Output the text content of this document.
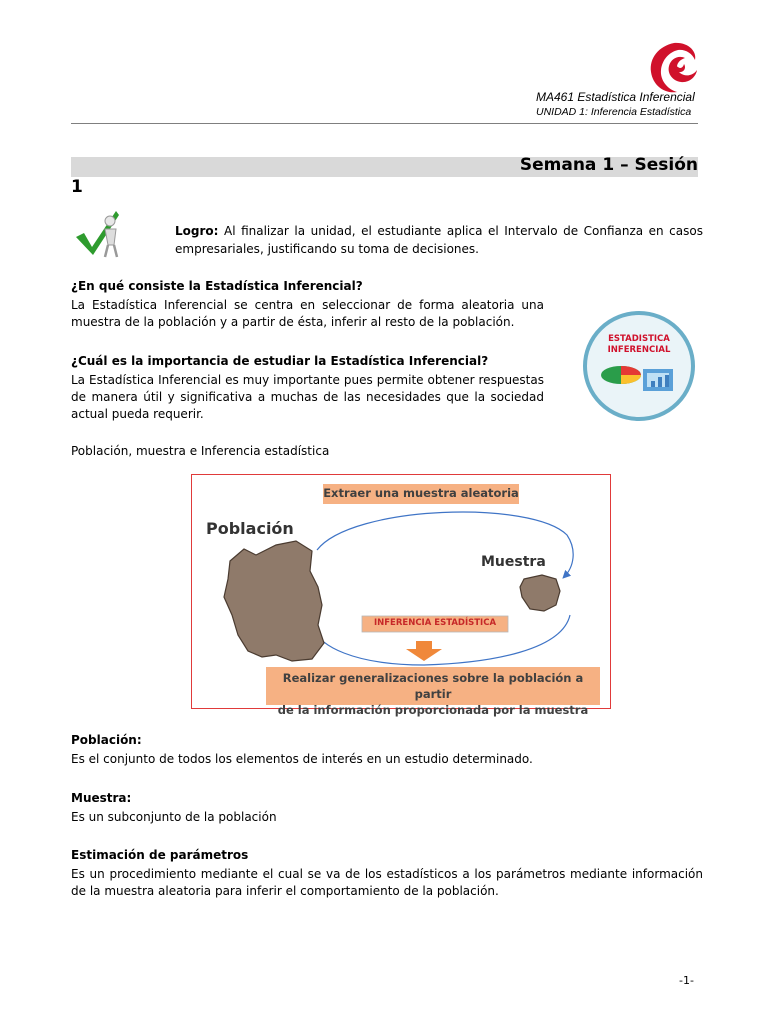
MA461 Estadística Inferencial
UNIDAD 1: Inferencia Estadística
Semana 1 – Sesión
1
Logro: Al finalizar la unidad, el estudiante aplica el Intervalo de Confianza en casos empresariales, justificando su toma de decisiones.
¿En qué consiste la Estadística Inferencial?
La Estadística Inferencial se centra en seleccionar de forma aleatoria una muestra de la población y a partir de ésta, inferir al resto de la población.
¿Cuál es la importancia de estudiar la Estadística Inferencial?
La Estadística Inferencial es muy importante pues permite obtener respuestas de manera útil y significativa a muchas de las necesidades que la sociedad actual pueda requerir.
ESTADISTICA
INFERENCIAL
Población, muestra e Inferencia estadística
Extraer una muestra aleatoria
Población
Muestra
INFERENCIA ESTADÍSTICA
Realizar generalizaciones sobre la población a partir
de la información proporcionada por la muestra
Población:
Es el conjunto de todos los elementos de interés en un estudio determinado.
Muestra:
Es un subconjunto de la población
Estimación de parámetros
Es un procedimiento mediante el cual se va de los estadísticos a los parámetros mediante información de la muestra aleatoria para inferir el comportamiento de la población.
-1-
